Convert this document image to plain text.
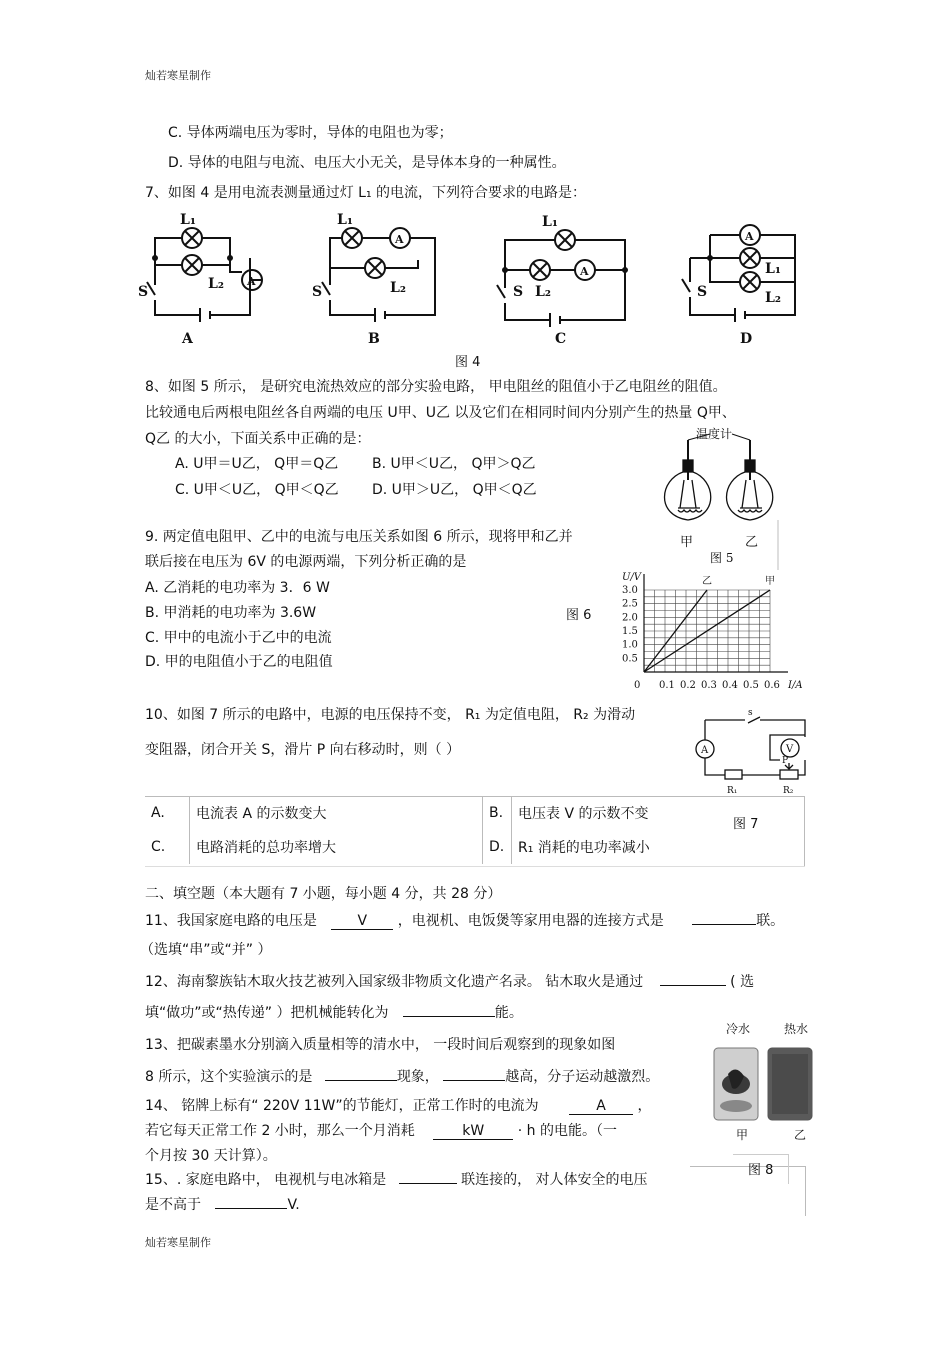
灿若寒星制作
灿若寒星制作
C. 导体两端电压为零时，导体的电阻也为零；
D. 导体的电阻与电流、电压大小无关，是导体本身的一种属性。
7、如图 4 是用电流表测量通过灯 L₁ 的电流，下列符合要求的电路是：
L₁
L₂
S
A
A
L₁
L₂
S
A
B
L₁
L₂
S
A
C
L₁
L₂
S
A
D
图 4
8、如图 5 所示， 是研究电流热效应的部分实验电路， 甲电阻丝的阻值小于乙电阻丝的阻值。
比较通电后两根电阻丝各自两端的电压 U甲、U乙 以及它们在相同时间内分别产生的热量 Q甲、
Q乙 的大小，下面关系中正确的是：
A. U甲＝U乙， Q甲＝Q乙 B. U甲＜U乙， Q甲＞Q乙
C. U甲＜U乙， Q甲＜Q乙 D. U甲＞U乙， Q甲＜Q乙
温度计
甲	乙
图 5
9. 两定值电阻甲、乙中的电流与电压关系如图 6 所示，现将甲和乙并
联后接在电压为 6V 的电源两端，下列分析正确的是
A. 乙消耗的电功率为 3．6 W
B. 甲消耗的电功率为 3.6W
C. 甲中的电流小于乙中的电流
D. 甲的电阻值小于乙的电阻值
图 6
0 0.1 0.2 0.3 0.4 0.5 0.6
0.5
1.0
1.5
2.0
2.5
3.0
I/A
U/V	乙	甲
10、如图 7 所示的电路中，电源的电压保持不变， R₁ 为定值电阻， R₂ 为滑动
变阻器，闭合开关 S，滑片 P 向右移动时，则（ ）
s
A	V
P
R₁	R₂
A.	电流表 A 的示数变大	B.	电压表 V 的示数不变
C.	电路消耗的总功率增大	D.	R₁ 消耗的电功率减小
图 7
二、填空题（本大题有 7 小题，每小题 4 分，共 28 分）
11、我国家庭电路的电压是	V ，电视机、电饭煲等家用电器的连接方式是	联。
（选填“串”或“并” ）
12、海南黎族钻木取火技艺被列入国家级非物质文化遗产名录。 钻木取火是通过	( 选
填“做功”或“热传递” ）把机械能转化为	能。
13、把碳素墨水分别滴入质量相等的清水中， 一段时间后观察到的现象如图
8 所示，这个实验演示的是	现象，	越高，分子运动越激烈。
14、 铭牌上标有“ 220V 11W”的节能灯，正常工作时的电流为	A ，
若它每天正常工作 2 小时，那么一个月消耗	kW · h 的电能。（一
个月按 30 天计算）。
15、. 家庭电路中， 电视机与电冰箱是	联连接的， 对人体安全的电压
是不高于	V.
冷水	热水
甲	乙
图 8
